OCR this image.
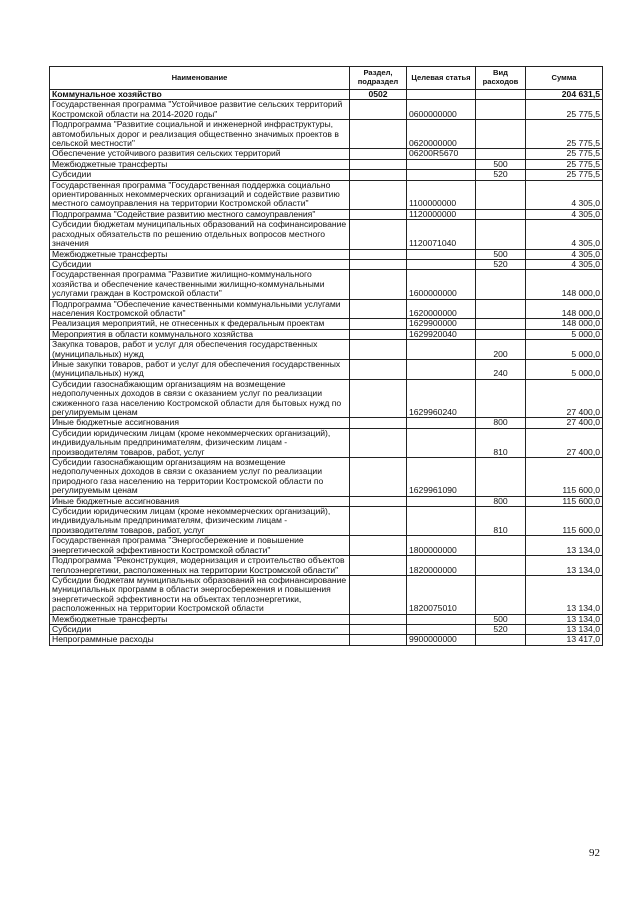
Наименование	Раздел, подраздел	Целевая статья	Вид расходов	Сумма
Коммунальное хозяйство	0502			204 631,5
Государственная программа "Устойчивое развитие сельских территорий Костромской области на 2014-2020 годы"		0600000000		25 775,5
Подпрограмма "Развитие социальной и инженерной инфраструктуры, автомобильных дорог и реализация общественно значимых проектов в сельской местности"		0620000000		25 775,5
Обеспечение устойчивого развития сельских территорий		06200R5670		25 775,5
Межбюджетные трансферты			500	25 775,5
Субсидии			520	25 775,5
Государственная программа "Государственная поддержка социально ориентированных некоммерческих организаций и содействие развитию местного самоуправления на территории Костромской области"		1100000000		4 305,0
Подпрограмма "Содействие развитию местного самоуправления"		1120000000		4 305,0
Субсидии бюджетам муниципальных образований на софинансирование расходных обязательств по решению отдельных вопросов местного значения		1120071040		4 305,0
Межбюджетные трансферты			500	4 305,0
Субсидии			520	4 305,0
Государственная программа "Развитие жилищно-коммунального хозяйства и обеспечение качественными жилищно-коммунальными услугами граждан в Костромской области"		1600000000		148 000,0
Подпрограмма "Обеспечение качественными коммунальными услугами населения Костромской области"		1620000000		148 000,0
Реализация мероприятий, не отнесенных к федеральным проектам		1629900000		148 000,0
Мероприятия в области коммунального хозяйства		1629920040		5 000,0
Закупка товаров, работ и услуг для обеспечения государственных (муниципальных) нужд			200	5 000,0
Иные закупки товаров, работ и услуг для обеспечения государственных (муниципальных) нужд			240	5 000,0
Субсидии газоснабжающим организациям на возмещение недополученных доходов в связи с оказанием услуг по реализации сжиженного газа населению Костромской области для бытовых нужд по регулируемым ценам		1629960240		27 400,0
Иные бюджетные ассигнования			800	27 400,0
Субсидии юридическим лицам (кроме некоммерческих организаций), индивидуальным предпринимателям, физическим лицам - производителям товаров, работ, услуг			810	27 400,0
Субсидии газоснабжающим организациям на возмещение недополученных доходов в связи с оказанием услуг по реализации природного газа населению на территории Костромской области по регулируемым ценам		1629961090		115 600,0
Иные бюджетные ассигнования			800	115 600,0
Субсидии юридическим лицам (кроме некоммерческих организаций), индивидуальным предпринимателям, физическим лицам - производителям товаров, работ, услуг			810	115 600,0
Государственная программа "Энергосбережение и повышение энергетической эффективности Костромской области"		1800000000		13 134,0
Подпрограмма "Реконструкция, модернизация и строительство объектов теплоэнергетики, расположенных на территории Костромской области"		1820000000		13 134,0
Субсидии бюджетам муниципальных образований на софинансирование муниципальных программ в области энергосбережения и повышения энергетической эффективности на объектах теплоэнергетики, расположенных на территории Костромской области		1820075010		13 134,0
Межбюджетные трансферты			500	13 134,0
Субсидии			520	13 134,0
Непрограммные расходы		9900000000		13 417,0
92
